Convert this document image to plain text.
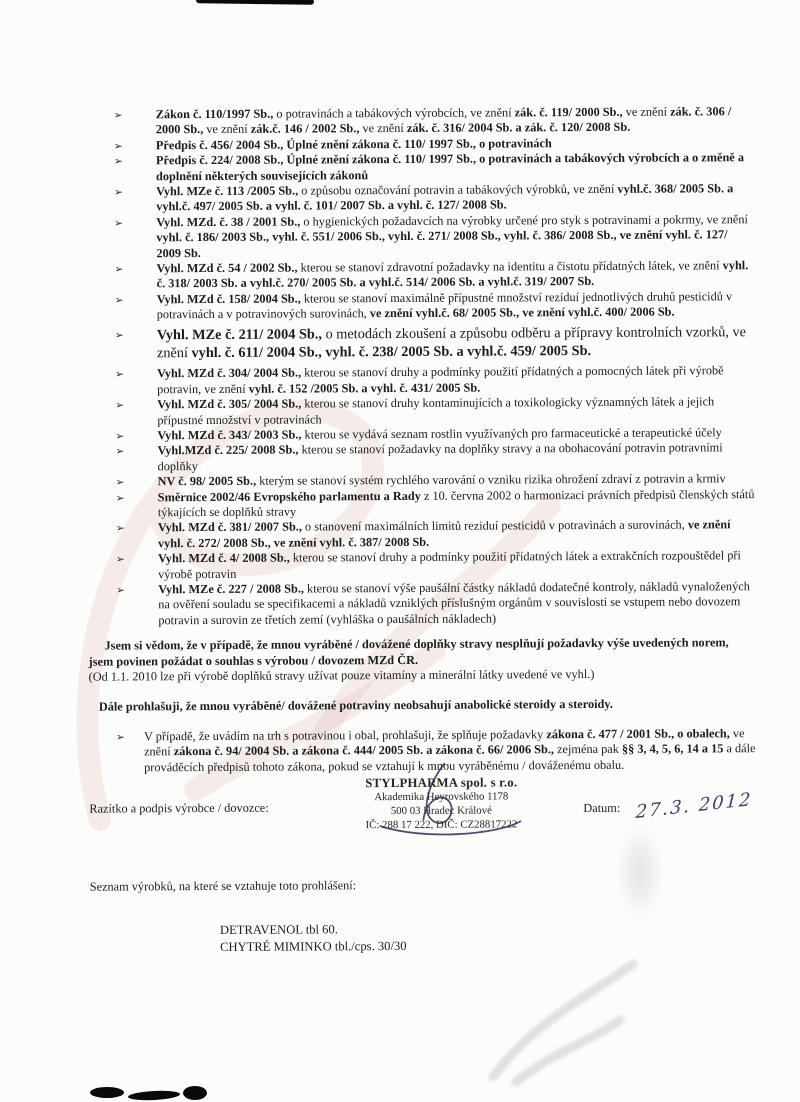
➢	Zákon č. 110/1997 Sb., o potravinách a tabákových výrobcích, ve znění zák. č. 119/ 2000 Sb., ve znění zák. č. 306 / 2000 Sb., ve znění zák.č. 146 / 2002 Sb., ve znění zák. č. 316/ 2004 Sb. a zák. č. 120/ 2008 Sb.
➢	Předpis č. 456/ 2004 Sb., Úplné znění zákona č. 110/ 1997 Sb., o potravinách
➢	Předpis č. 224/ 2008 Sb., Úplné znění zákona č. 110/ 1997 Sb., o potravinách a tabákových výrobcích a o změně a doplnění některých souvisejících zákonů
➢	Vyhl. MZe č. 113 /2005 Sb., o způsobu označování potravin a tabákových výrobků, ve znění vyhl.č. 368/ 2005 Sb. a vyhl.č. 497/ 2005 Sb. a vyhl. č. 101/ 2007 Sb. a vyhl. č. 127/ 2008 Sb.
➢	Vyhl. MZd. č. 38 / 2001 Sb., o hygienických požadavcích na výrobky určené pro styk s potravinami a pokrmy, ve znění vyhl. č. 186/ 2003 Sb., vyhl. č. 551/ 2006 Sb., vyhl. č. 271/ 2008 Sb., vyhl. č. 386/ 2008 Sb., ve znění vyhl. č. 127/ 2009 Sb.
➢	Vyhl. MZd č. 54 / 2002 Sb., kterou se stanoví zdravotní požadavky na identitu a čistotu přídatných látek, ve znění vyhl. č. 318/ 2003 Sb. a vyhl.č. 270/ 2005 Sb. a vyhl.č. 514/ 2006 Sb. a vyhl.č. 319/ 2007 Sb.
➢	Vyhl. MZd č. 158/ 2004 Sb., kterou se stanoví maximálně přípustné množství reziduí jednotlivých druhů pesticidů v potravinách a v potravinových surovinách, ve znění vyhl.č. 68/ 2005 Sb., ve znění vyhl.č. 400/ 2006 Sb.
➢ Vyhl. MZe č. 211/ 2004 Sb., o metodách zkoušení a způsobu odběru a přípravy kontrolních vzorků, ve znění vyhl. č. 611/ 2004 Sb., vyhl. č. 238/ 2005 Sb. a vyhl.č. 459/ 2005 Sb.
➢	Vyhl. MZd č. 304/ 2004 Sb., kterou se stanoví druhy a podmínky použití přídatných a pomocných látek při výrobě potravin, ve znění vyhl. č. 152 /2005 Sb. a vyhl. č. 431/ 2005 Sb.
➢	Vyhl. MZd č. 305/ 2004 Sb., kterou se stanoví druhy kontaminujících a toxikologicky významných látek a jejich přípustné množství v potravinách
➢	Vyhl. MZd č. 343/ 2003 Sb., kterou se vydává seznam rostlin využívaných pro farmaceutické a terapeutické účely
➢	Vyhl.MZd č. 225/ 2008 Sb., kterou se stanoví požadavky na doplňky stravy a na obohacování potravin potravními doplňky
➢	NV č. 98/ 2005 Sb., kterým se stanoví systém rychlého varování o vzniku rizika ohrožení zdraví z potravin a krmiv
➢	Směrnice 2002/46 Evropského parlamentu a Rady z 10. června 2002 o harmonizaci právních předpisů členských států týkajících se doplňků stravy
➢	Vyhl. MZd č. 381/ 2007 Sb., o stanovení maximálních limitů reziduí pesticidů v potravinách a surovinách, ve znění vyhl. č. 272/ 2008 Sb., ve znění vyhl. č. 387/ 2008 Sb.
➢	Vyhl. MZd č. 4/ 2008 Sb., kterou se stanoví druhy a podmínky použití přídatných látek a extrakčních rozpouštědel při výrobě potravin
➢	Vyhl. MZe č. 227 / 2008 Sb., kterou se stanoví výše paušální částky nákladů dodatečné kontroly, nákladů vynaložených na ověření souladu se specifikacemi a nákladů vzniklých příslušným orgánům v souvislosti se vstupem nebo dovozem potravin a surovin ze třetích zemí (vyhláška o paušálních nákladech)

Jsem si vědom, že v případě, že mnou vyráběné / dovážené doplňky stravy nesplňují požadavky výše uvedených norem, jsem povinen požádat o souhlas s výrobou / dovozem MZd ČR.

(Od 1.1. 2010 lze při výrobě doplňků stravy užívat pouze vitamíny a minerální látky uvedené ve vyhl.)

Dále prohlašuji, že mnou vyráběné/ dovážené potraviny neobsahují anabolické steroidy a steroidy.

➢ V případě, že uvádím na trh s potravinou i obal, prohlašuji, že splňuje požadavky zákona č. 477 / 2001 Sb., o obalech, ve znění zákona č. 94/ 2004 Sb. a zákona č. 444/ 2005 Sb. a zákona č. 66/ 2006 Sb., zejména pak §§ 3, 4, 5, 6, 14 a 15 a dále prováděcích předpisů tohoto zákona, pokud se vztahují k mnou vyráběnému / dováženému obalu.
Razítko a podpis výrobce / dovozce:
STYLPHARMA spol. s r.o.
Akademika Heyrovského 1178
500 03 Hradec Králové
IČ: 288 17 222, DIČ: CZ28817222
Datum: 27.3. 2012

Seznam výrobků, na které se vztahuje toto prohlášení:

DETRAVENOL tbl 60.
CHYTRÉ MIMINKO tbl./cps. 30/30
